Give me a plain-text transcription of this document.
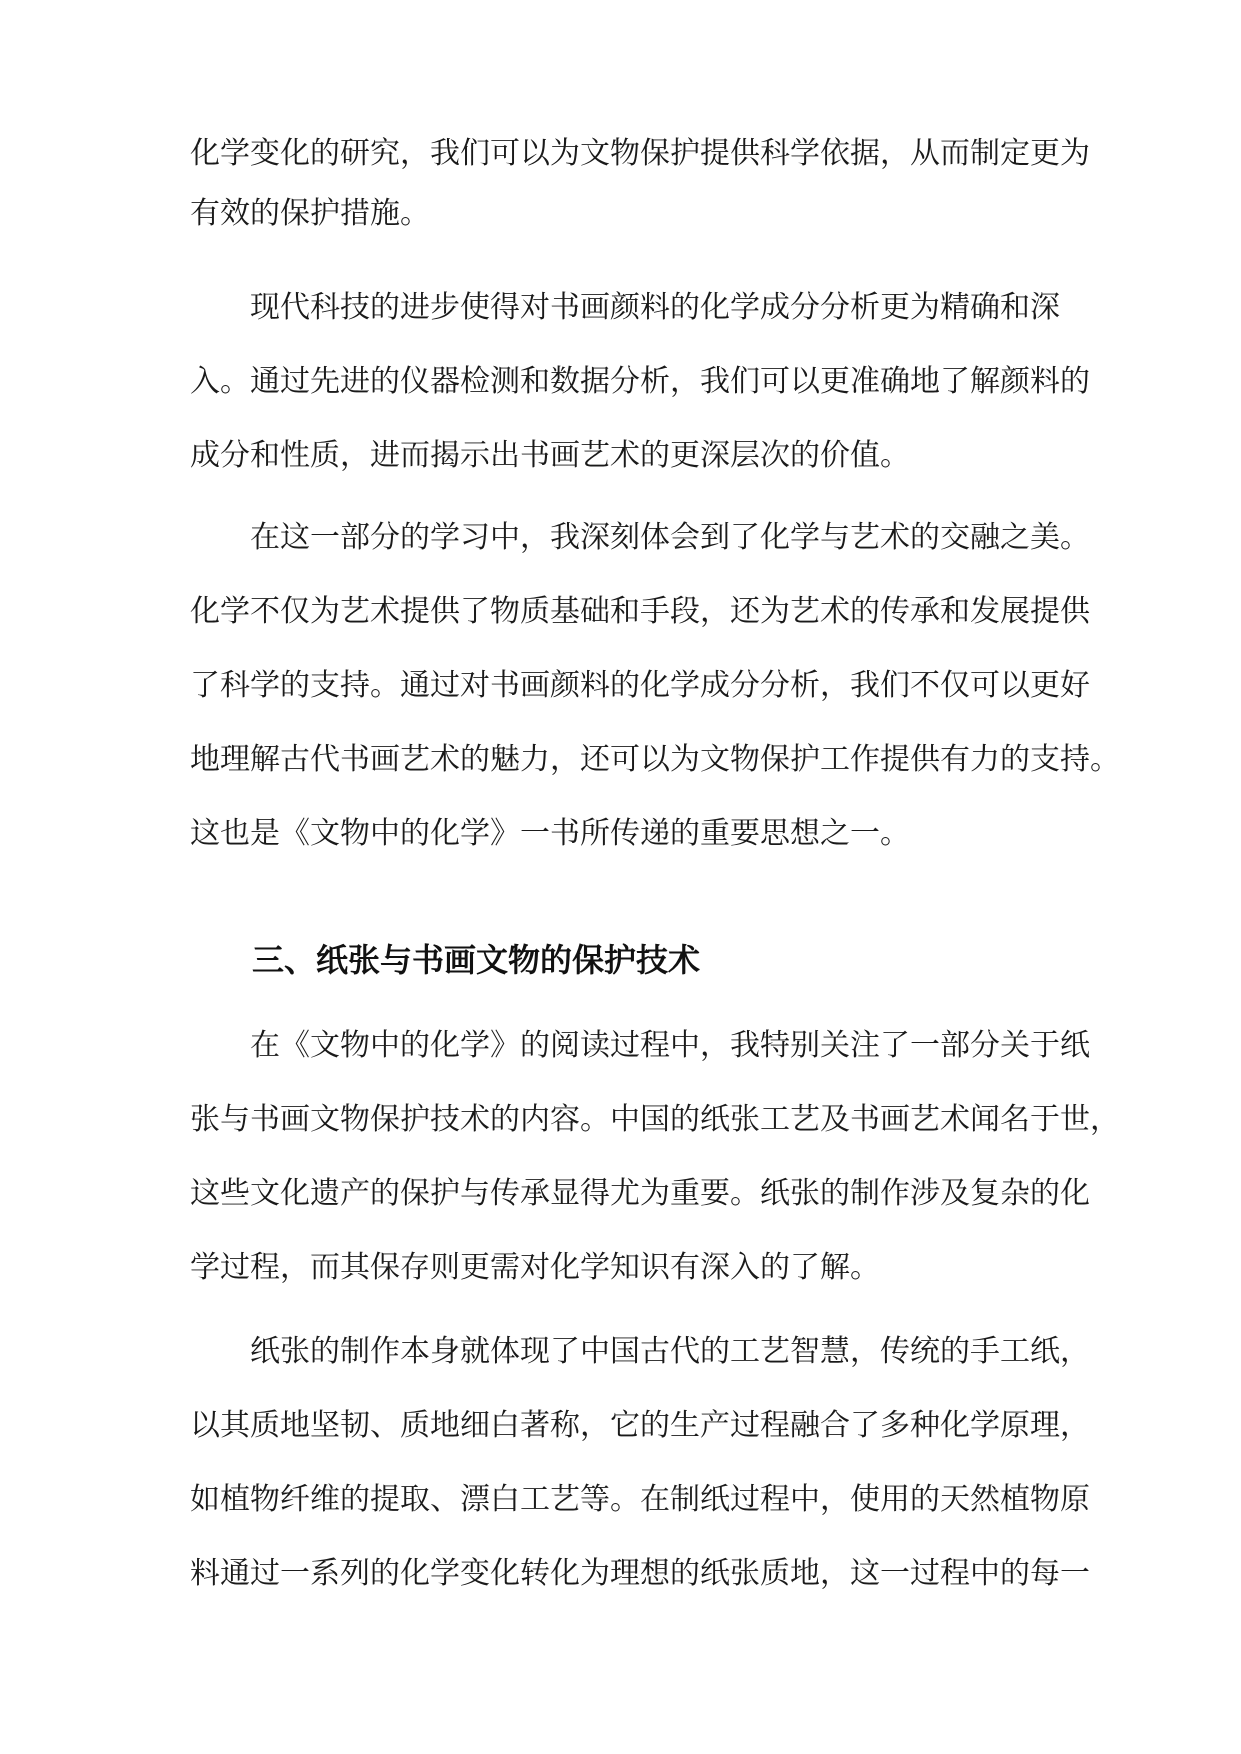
化学变化的研究，我们可以为文物保护提供科学依据，从而制定更为
有效的保护措施。
现代科技的进步使得对书画颜料的化学成分分析更为精确和深
入。通过先进的仪器检测和数据分析，我们可以更准确地了解颜料的
成分和性质，进而揭示出书画艺术的更深层次的价值。
在这一部分的学习中，我深刻体会到了化学与艺术的交融之美。
化学不仅为艺术提供了物质基础和手段，还为艺术的传承和发展提供
了科学的支持。通过对书画颜料的化学成分分析，我们不仅可以更好
地理解古代书画艺术的魅力，还可以为文物保护工作提供有力的支持。
这也是《文物中的化学》一书所传递的重要思想之一。
三、纸张与书画文物的保护技术
在《文物中的化学》的阅读过程中，我特别关注了一部分关于纸
张与书画文物保护技术的内容。中国的纸张工艺及书画艺术闻名于世，
这些文化遗产的保护与传承显得尤为重要。纸张的制作涉及复杂的化
学过程，而其保存则更需对化学知识有深入的了解。
纸张的制作本身就体现了中国古代的工艺智慧，传统的手工纸，
以其质地坚韧、质地细白著称，它的生产过程融合了多种化学原理，
如植物纤维的提取、漂白工艺等。在制纸过程中，使用的天然植物原
料通过一系列的化学变化转化为理想的纸张质地，这一过程中的每一
